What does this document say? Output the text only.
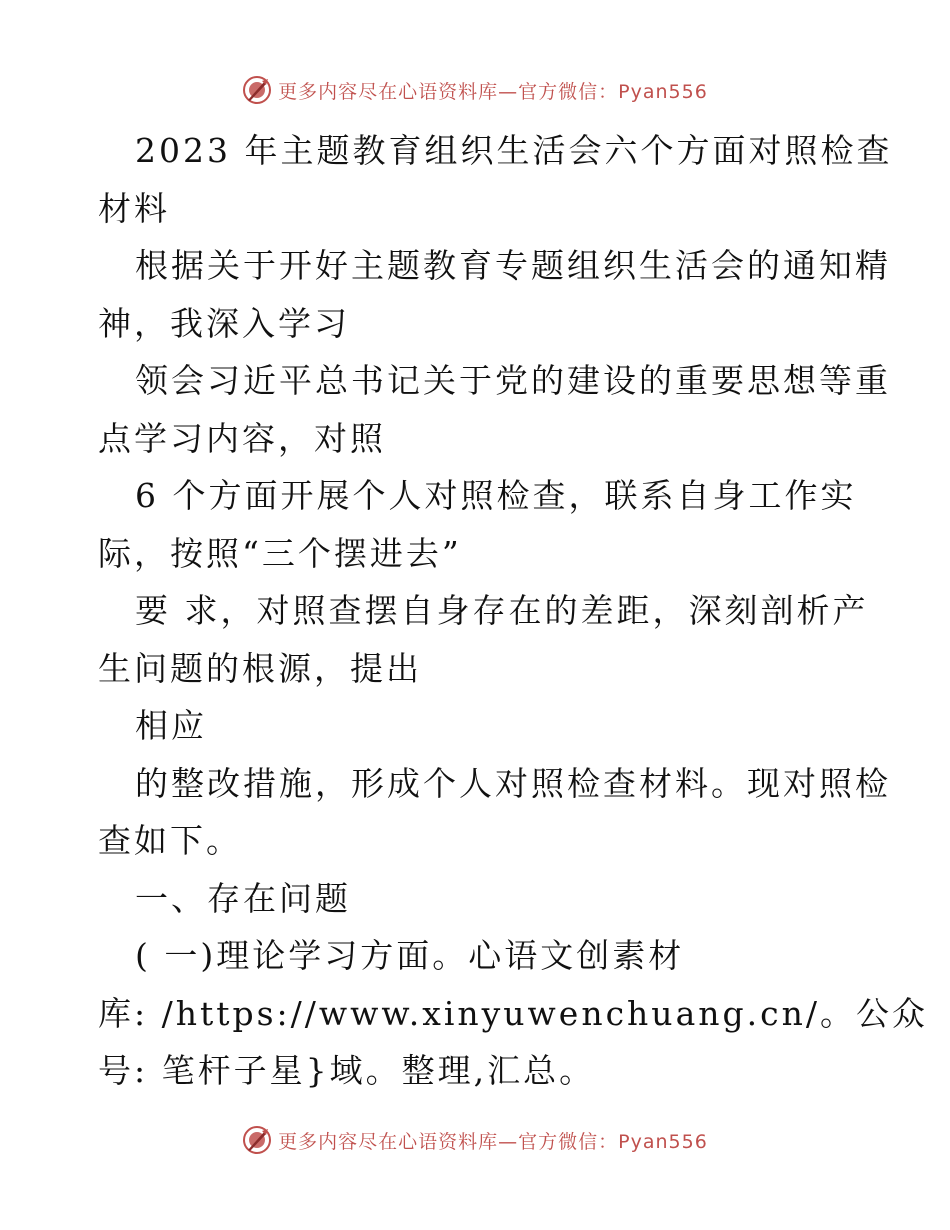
更多内容尽在心语资料库—官方微信：Pyan556
2023 年主题教育组织生活会六个方面对照检查
材料
根据关于开好主题教育专题组织生活会的通知精
神，我深入学习
领会习近平总书记关于党的建设的重要思想等重
点学习内容，对照
6 个方面开展个人对照检查，联系自身工作实
际，按照“三个摆进去”
要 求，对照查摆自身存在的差距，深刻剖析产
生问题的根源，提出
相应
的整改措施，形成个人对照检查材料。现对照检
查如下。
一、存在问题
( 一)理论学习方面。心语文创素材
库: /https://www.xinyuwenchuang.cn/。公众
号: 笔杆子星}域。整理,汇总。
更多内容尽在心语资料库—官方微信：Pyan556
